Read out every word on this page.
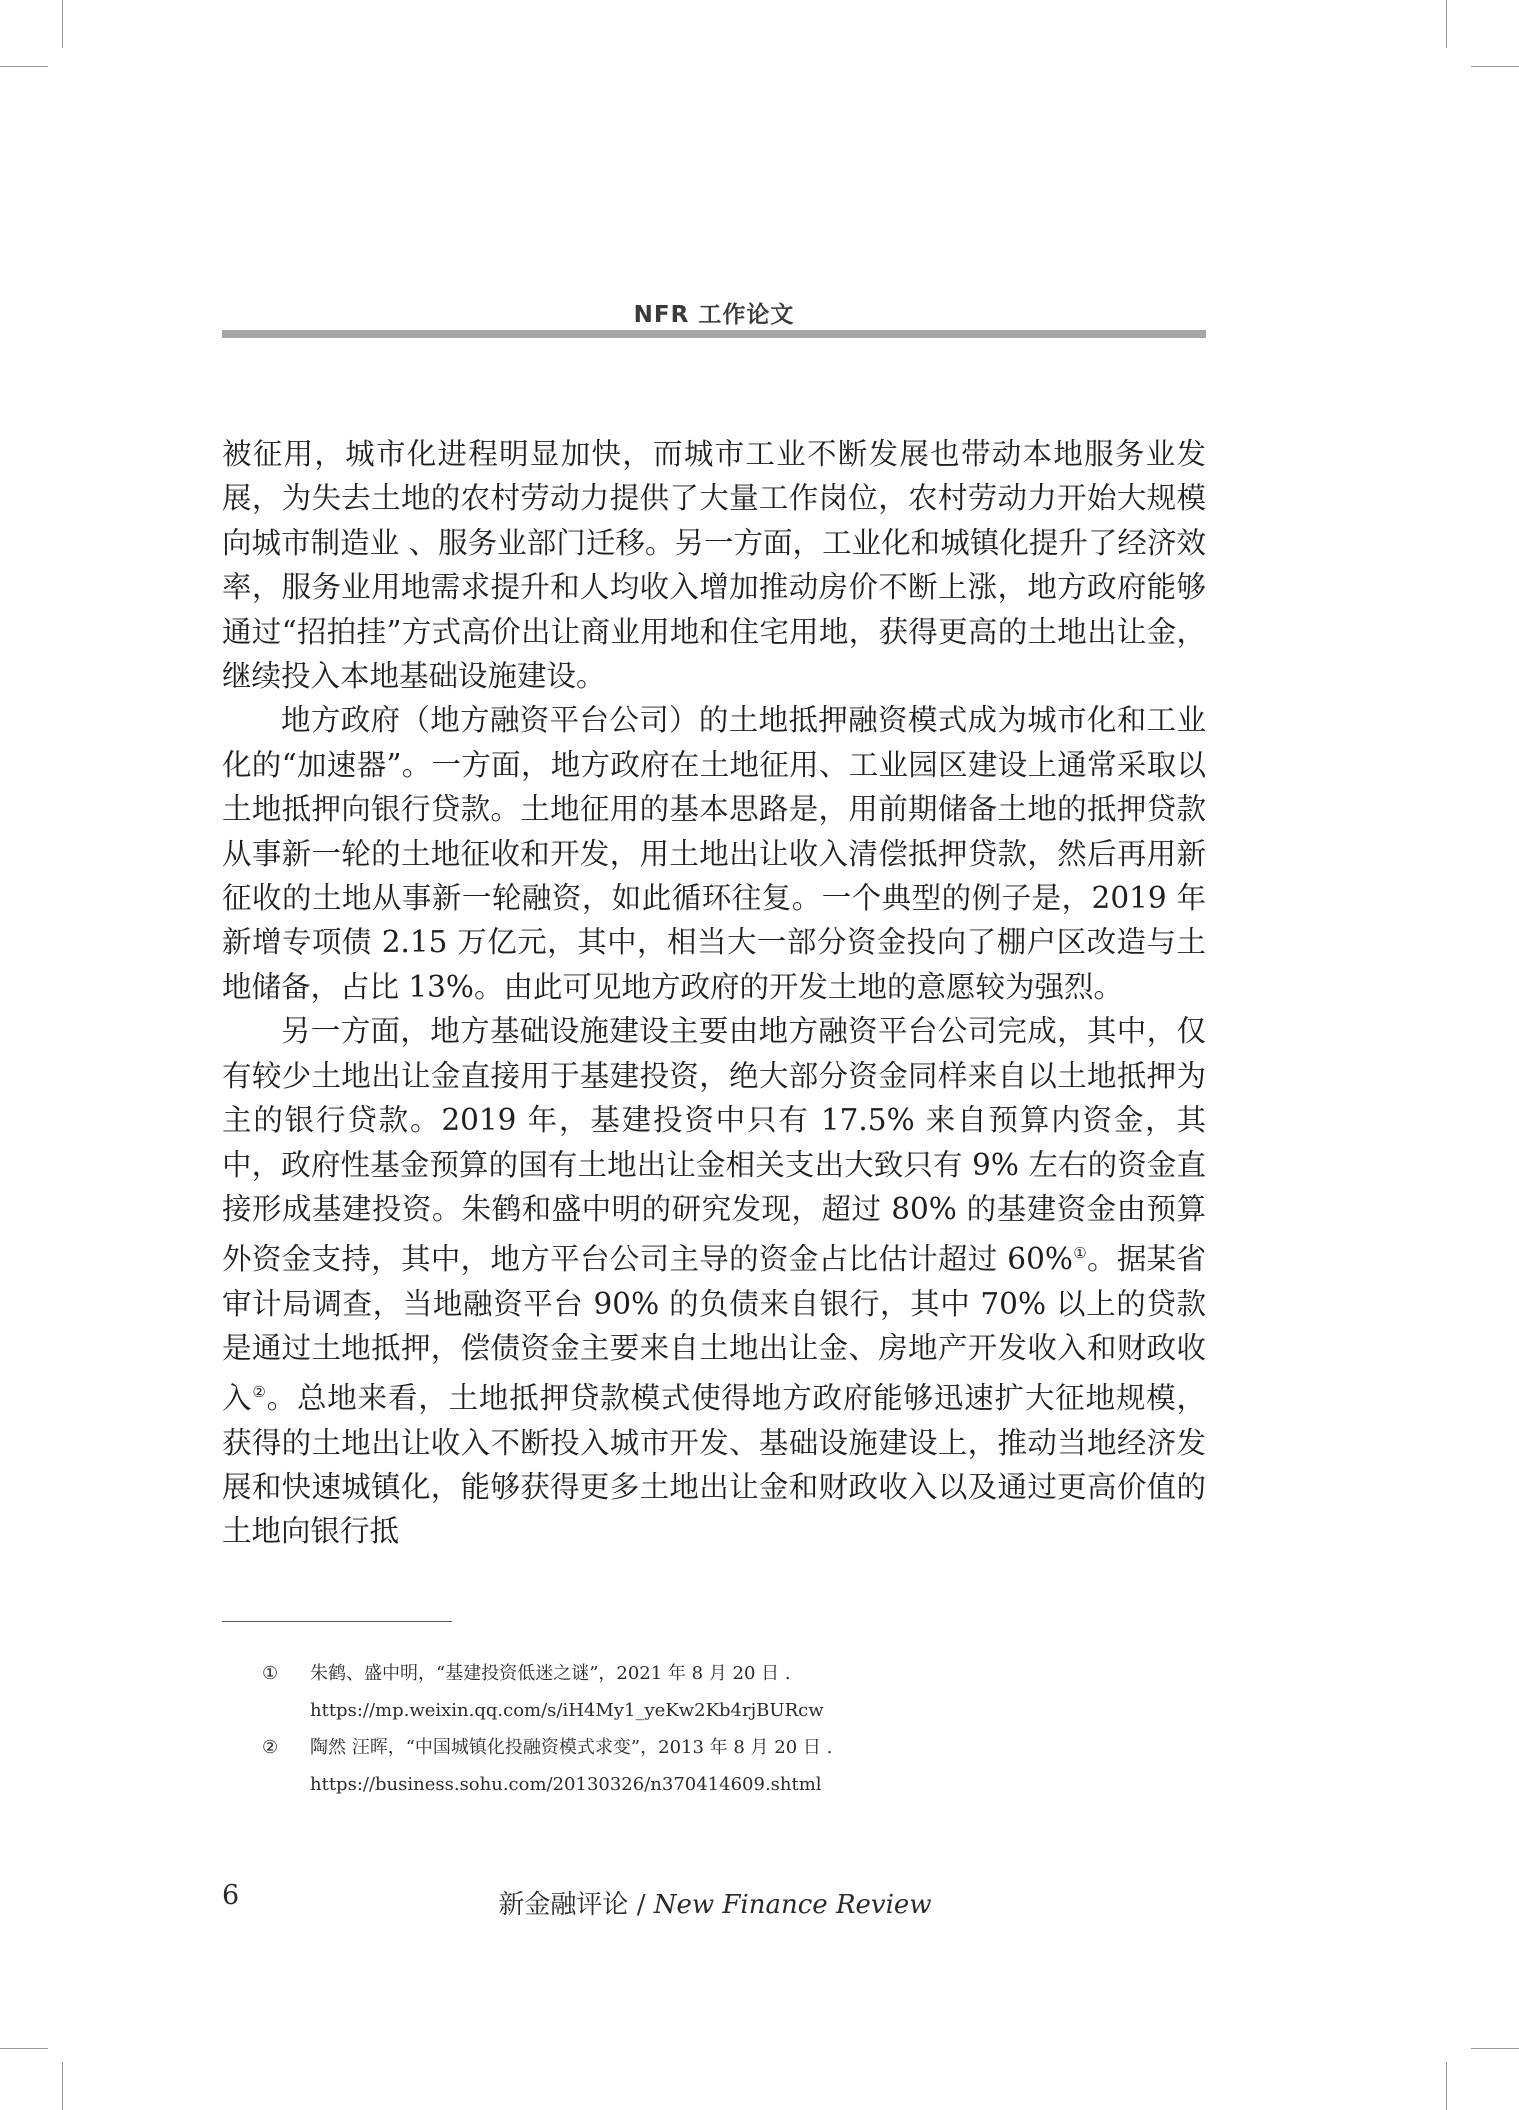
NFR 工作论文

被征用，城市化进程明显加快，而城市工业不断发展也带动本地服务业发展，为失去土地的农村劳动力提供了大量工作岗位，农村劳动力开始大规模向城市制造业 、服务业部门迁移。另一方面，工业化和城镇化提升了经济效率，服务业用地需求提升和人均收入增加推动房价不断上涨，地方政府能够通过“招拍挂”方式高价出让商业用地和住宅用地，获得更高的土地出让金，继续投入本地基础设施建设。

地方政府（地方融资平台公司）的土地抵押融资模式成为城市化和工业化的“加速器”。一方面，地方政府在土地征用、工业园区建设上通常采取以土地抵押向银行贷款。土地征用的基本思路是，用前期储备土地的抵押贷款从事新一轮的土地征收和开发，用土地出让收入清偿抵押贷款，然后再用新征收的土地从事新一轮融资，如此循环往复。一个典型的例子是，2019 年新增专项债 2.15 万亿元，其中，相当大一部分资金投向了棚户区改造与土地储备，占比 13%。由此可见地方政府的开发土地的意愿较为强烈。

另一方面，地方基础设施建设主要由地方融资平台公司完成，其中，仅有较少土地出让金直接用于基建投资，绝大部分资金同样来自以土地抵押为主的银行贷款。2019 年，基建投资中只有 17.5% 来自预算内资金，其中，政府性基金预算的国有土地出让金相关支出大致只有 9% 左右的资金直接形成基建投资。朱鹤和盛中明的研究发现，超过 80% 的基建资金由预算外资金支持，其中，地方平台公司主导的资金占比估计超过 60%①。据某省审计局调查，当地融资平台 90% 的负债来自银行，其中 70% 以上的贷款是通过土地抵押，偿债资金主要来自土地出让金、房地产开发收入和财政收入②。总地来看，土地抵押贷款模式使得地方政府能够迅速扩大征地规模，获得的土地出让收入不断投入城市开发、基础设施建设上，推动当地经济发展和快速城镇化，能够获得更多土地出让金和财政收入以及通过更高价值的土地向银行抵

①	朱鹤、盛中明，“基建投资低迷之谜”，2021 年 8 月 20 日 .
https://mp.weixin.qq.com/s/iH4My1_yeKw2Kb4rjBURcw
②	陶然 汪晖，“中国城镇化投融资模式求变”，2013 年 8 月 20 日 .
https://business.sohu.com/20130326/n370414609.shtml
6	新金融评论 / New Finance Review
